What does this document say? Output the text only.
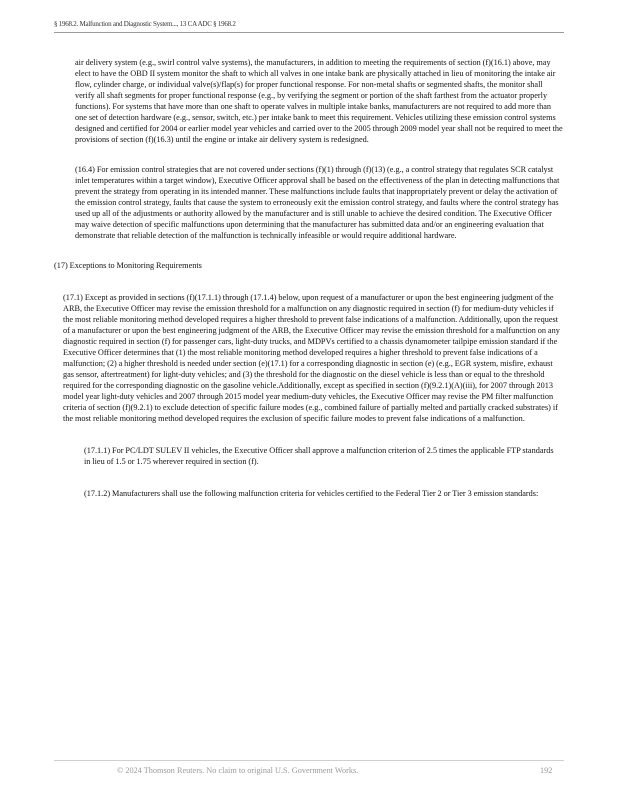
§ 1968.2. Malfunction and Diagnostic System..., 13 CA ADC § 1968.2

air delivery system (e.g., swirl control valve systems), the manufacturers, in addition to meeting the requirements of section (f)(16.1) above, may elect to have the OBD II system monitor the shaft to which all valves in one intake bank are physically attached in lieu of monitoring the intake air flow, cylinder charge, or individual valve(s)/flap(s) for proper functional response. For non-metal shafts or segmented shafts, the monitor shall verify all shaft segments for proper functional response (e.g., by verifying the segment or portion of the shaft farthest from the actuator properly functions). For systems that have more than one shaft to operate valves in multiple intake banks, manufacturers are not required to add more than one set of detection hardware (e.g., sensor, switch, etc.) per intake bank to meet this requirement. Vehicles utilizing these emission control systems designed and certified for 2004 or earlier model year vehicles and carried over to the 2005 through 2009 model year shall not be required to meet the provisions of section (f)(16.3) until the engine or intake air delivery system is redesigned.

(16.4) For emission control strategies that are not covered under sections (f)(1) through (f)(13) (e.g., a control strategy that regulates SCR catalyst inlet temperatures within a target window), Executive Officer approval shall be based on the effectiveness of the plan in detecting malfunctions that prevent the strategy from operating in its intended manner. These malfunctions include faults that inappropriately prevent or delay the activation of the emission control strategy, faults that cause the system to erroneously exit the emission control strategy, and faults where the control strategy has used up all of the adjustments or authority allowed by the manufacturer and is still unable to achieve the desired condition. The Executive Officer may waive detection of specific malfunctions upon determining that the manufacturer has submitted data and/or an engineering evaluation that demonstrate that reliable detection of the malfunction is technically infeasible or would require additional hardware.

(17) Exceptions to Monitoring Requirements

(17.1) Except as provided in sections (f)(17.1.1) through (17.1.4) below, upon request of a manufacturer or upon the best engineering judgment of the ARB, the Executive Officer may revise the emission threshold for a malfunction on any diagnostic required in section (f) for medium-duty vehicles if the most reliable monitoring method developed requires a higher threshold to prevent false indications of a malfunction. Additionally, upon the request of a manufacturer or upon the best engineering judgment of the ARB, the Executive Officer may revise the emission threshold for a malfunction on any diagnostic required in section (f) for passenger cars, light-duty trucks, and MDPVs certified to a chassis dynamometer tailpipe emission standard if the Executive Officer determines that (1) the most reliable monitoring method developed requires a higher threshold to prevent false indications of a malfunction; (2) a higher threshold is needed under section (e)(17.1) for a corresponding diagnostic in section (e) (e.g., EGR system, misfire, exhaust gas sensor, aftertreatment) for light-duty vehicles; and (3) the threshold for the diagnostic on the diesel vehicle is less than or equal to the threshold required for the corresponding diagnostic on the gasoline vehicle.Additionally, except as specified in section (f)(9.2.1)(A)(iii), for 2007 through 2013 model year light-duty vehicles and 2007 through 2015 model year medium-duty vehicles, the Executive Officer may revise the PM filter malfunction criteria of section (f)(9.2.1) to exclude detection of specific failure modes (e.g., combined failure of partially melted and partially cracked substrates) if the most reliable monitoring method developed requires the exclusion of specific failure modes to prevent false indications of a malfunction.

(17.1.1) For PC/LDT SULEV II vehicles, the Executive Officer shall approve a malfunction criterion of 2.5 times the applicable FTP standards in lieu of 1.5 or 1.75 wherever required in section (f).

(17.1.2) Manufacturers shall use the following malfunction criteria for vehicles certified to the Federal Tier 2 or Tier 3 emission standards:

© 2024 Thomson Reuters. No claim to original U.S. Government Works.	192
